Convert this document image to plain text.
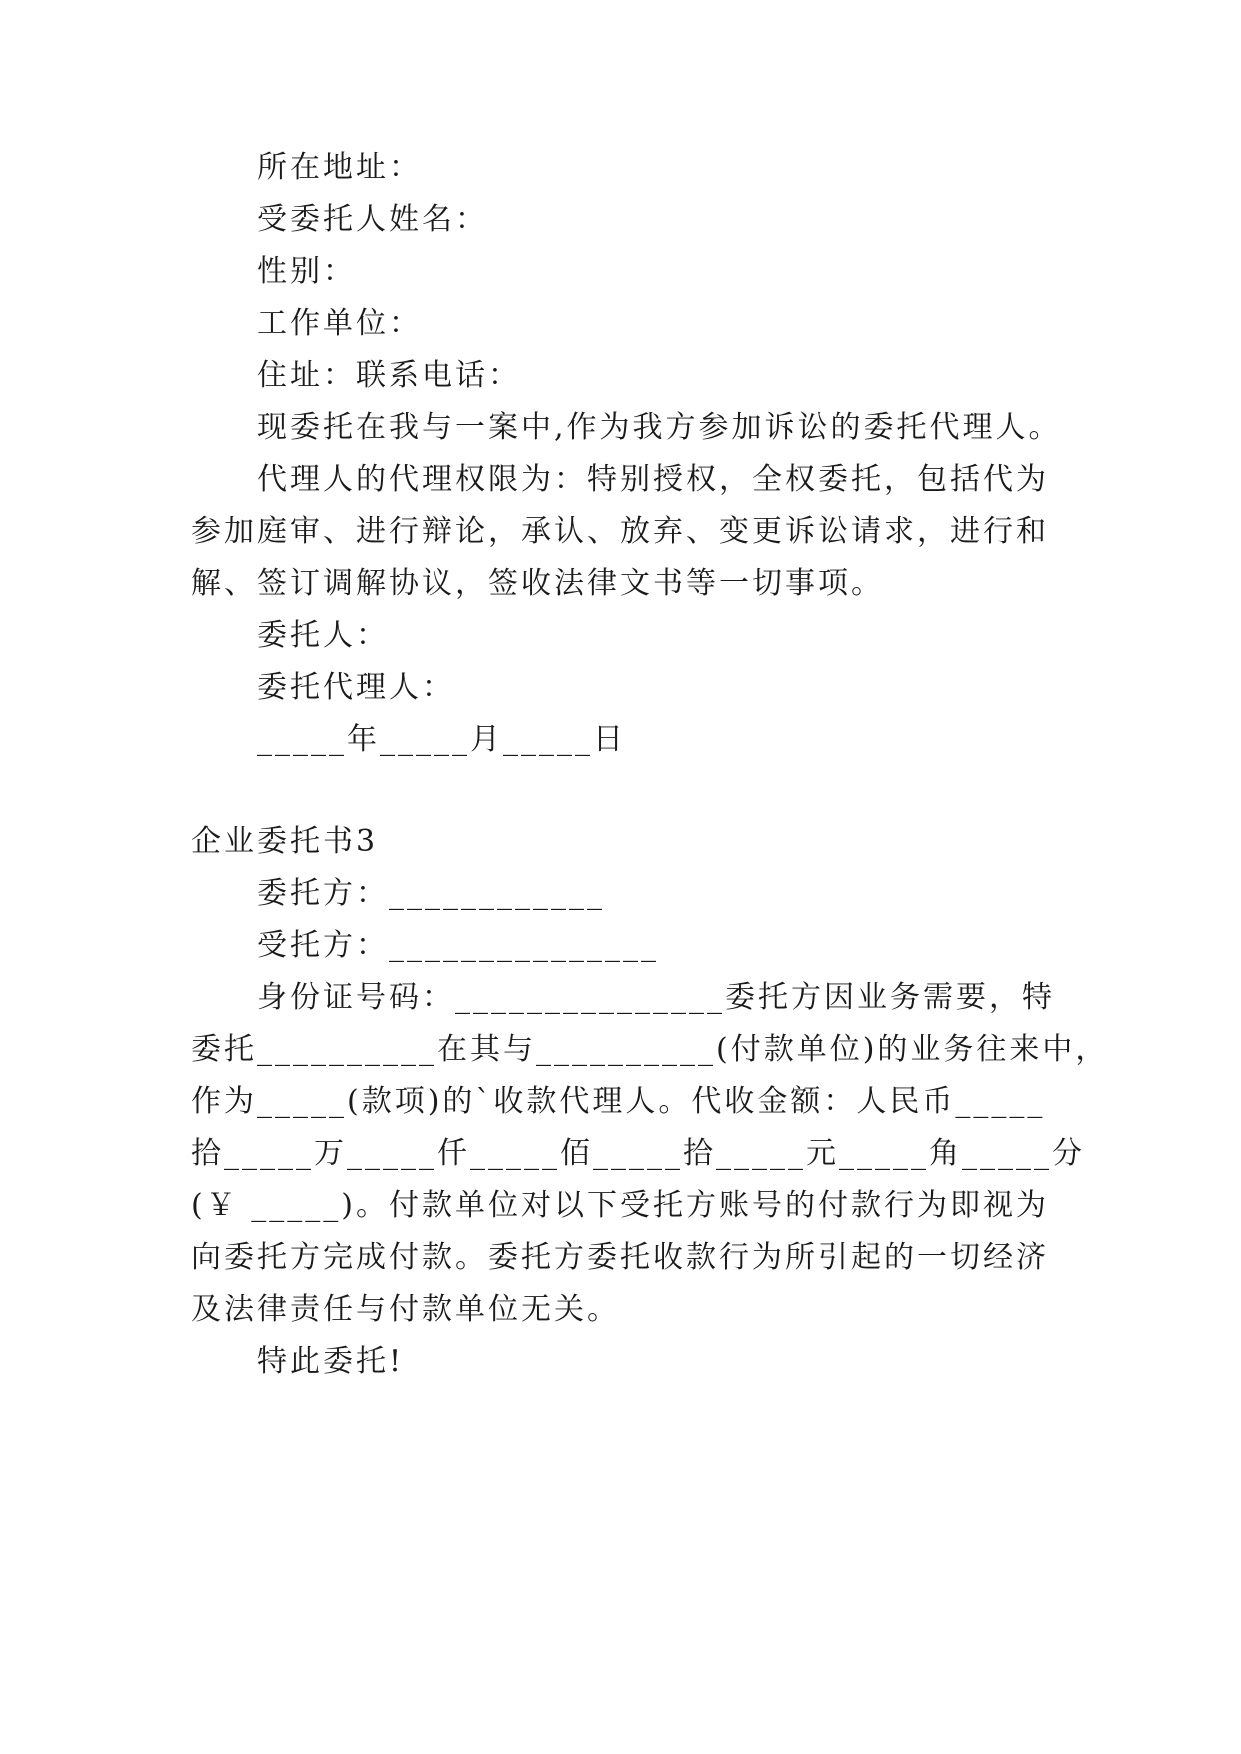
所在地址：
受委托人姓名：
性别：
工作单位：
住址：联系电话：
现委托在我与一案中,作为我方参加诉讼的委托代理人。
代理人的代理权限为：特别授权，全权委托，包括代为
参加庭审、进行辩论，承认、放弃、变更诉讼请求，进行和
解、签订调解协议，签收法律文书等一切事项。
委托人：
委托代理人：
_____年_____月_____日
企业委托书3
委托方：____________
受托方：_______________
身份证号码：_______________委托方因业务需要，特
委托__________在其与__________(付款单位)的业务往来中，
作为_____(款项)的`收款代理人。代收金额：人民币_____
拾_____万_____仟_____佰_____拾_____元_____角_____分
(￥ _____)。付款单位对以下受托方账号的付款行为即视为
向委托方完成付款。委托方委托收款行为所引起的一切经济
及法律责任与付款单位无关。
特此委托!
